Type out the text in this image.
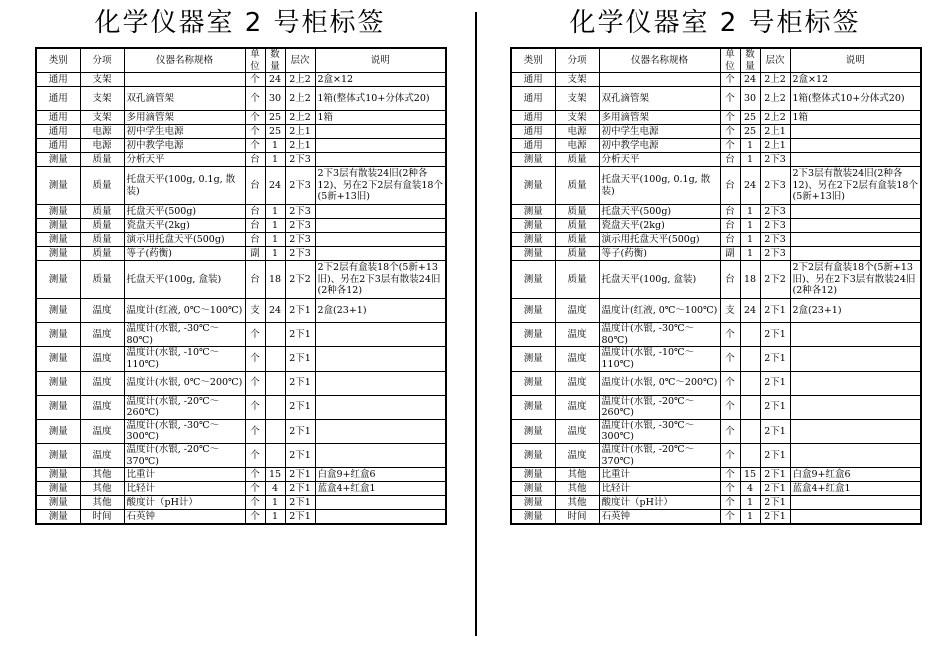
化学仪器室 2 号柜标签
类别	分项	仪器名称规格	单位	数量	层次	说明
通用	支架		个	24	2上2	2盒×12
通用	支架	双孔滴管架	个	30	2上2	1箱(整体式10+分体式20)
通用	支架	多用滴管架	个	25	2上2	1箱
通用	电源	初中学生电源	个	25	2上1	
通用	电源	初中教学电源	个	1	2上1	
测量	质量	分析天平	台	1	2下3	
测量	质量	托盘天平(100g, 0.1g, 散装)	台	24	2下3	2下3层有散装24旧(2种各12)、另在2下2层有盒装18个(5新+13旧)
测量	质量	托盘天平(500g)	台	1	2下3	
测量	质量	瓷盘天平(2kg)	台	1	2下3	
测量	质量	演示用托盘天平(500g)	台	1	2下3	
测量	质量	等子(药衡)	副	1	2下3	
测量	质量	托盘天平(100g, 盒装)	台	18	2下2	2下2层有盒装18个(5新+13旧)、另在2下3层有散装24旧(2种各12)
测量	温度	温度计(红液, 0℃～100℃)	支	24	2下1	2盒(23+1)
测量	温度	温度计(水银, -30℃～80℃)	个		2下1	
测量	温度	温度计(水银, -10℃～110℃)	个		2下1	
测量	温度	温度计(水银, 0℃～200℃)	个		2下1	
测量	温度	温度计(水银, -20℃～260℃)	个		2下1	
测量	温度	温度计(水银, -30℃～300℃)	个		2下1	
测量	温度	温度计(水银, -20℃～370℃)	个		2下1	
测量	其他	比重计	个	15	2下1	白盒9+红盒6
测量	其他	比轻计	个	4	2下1	蓝盒4+红盒1
测量	其他	酸度计（pH计）	个	1	2下1	
测量	时间	石英钟	个	1	2下1	
化学仪器室 2 号柜标签
类别	分项	仪器名称规格	单位	数量	层次	说明
通用	支架		个	24	2上2	2盒×12
通用	支架	双孔滴管架	个	30	2上2	1箱(整体式10+分体式20)
通用	支架	多用滴管架	个	25	2上2	1箱
通用	电源	初中学生电源	个	25	2上1	
通用	电源	初中教学电源	个	1	2上1	
测量	质量	分析天平	台	1	2下3	
测量	质量	托盘天平(100g, 0.1g, 散装)	台	24	2下3	2下3层有散装24旧(2种各12)、另在2下2层有盒装18个(5新+13旧)
测量	质量	托盘天平(500g)	台	1	2下3	
测量	质量	瓷盘天平(2kg)	台	1	2下3	
测量	质量	演示用托盘天平(500g)	台	1	2下3	
测量	质量	等子(药衡)	副	1	2下3	
测量	质量	托盘天平(100g, 盒装)	台	18	2下2	2下2层有盒装18个(5新+13旧)、另在2下3层有散装24旧(2种各12)
测量	温度	温度计(红液, 0℃～100℃)	支	24	2下1	2盒(23+1)
测量	温度	温度计(水银, -30℃～80℃)	个		2下1	
测量	温度	温度计(水银, -10℃～110℃)	个		2下1	
测量	温度	温度计(水银, 0℃～200℃)	个		2下1	
测量	温度	温度计(水银, -20℃～260℃)	个		2下1	
测量	温度	温度计(水银, -30℃～300℃)	个		2下1	
测量	温度	温度计(水银, -20℃～370℃)	个		2下1	
测量	其他	比重计	个	15	2下1	白盒9+红盒6
测量	其他	比轻计	个	4	2下1	蓝盒4+红盒1
测量	其他	酸度计（pH计）	个	1	2下1	
测量	时间	石英钟	个	1	2下1	
